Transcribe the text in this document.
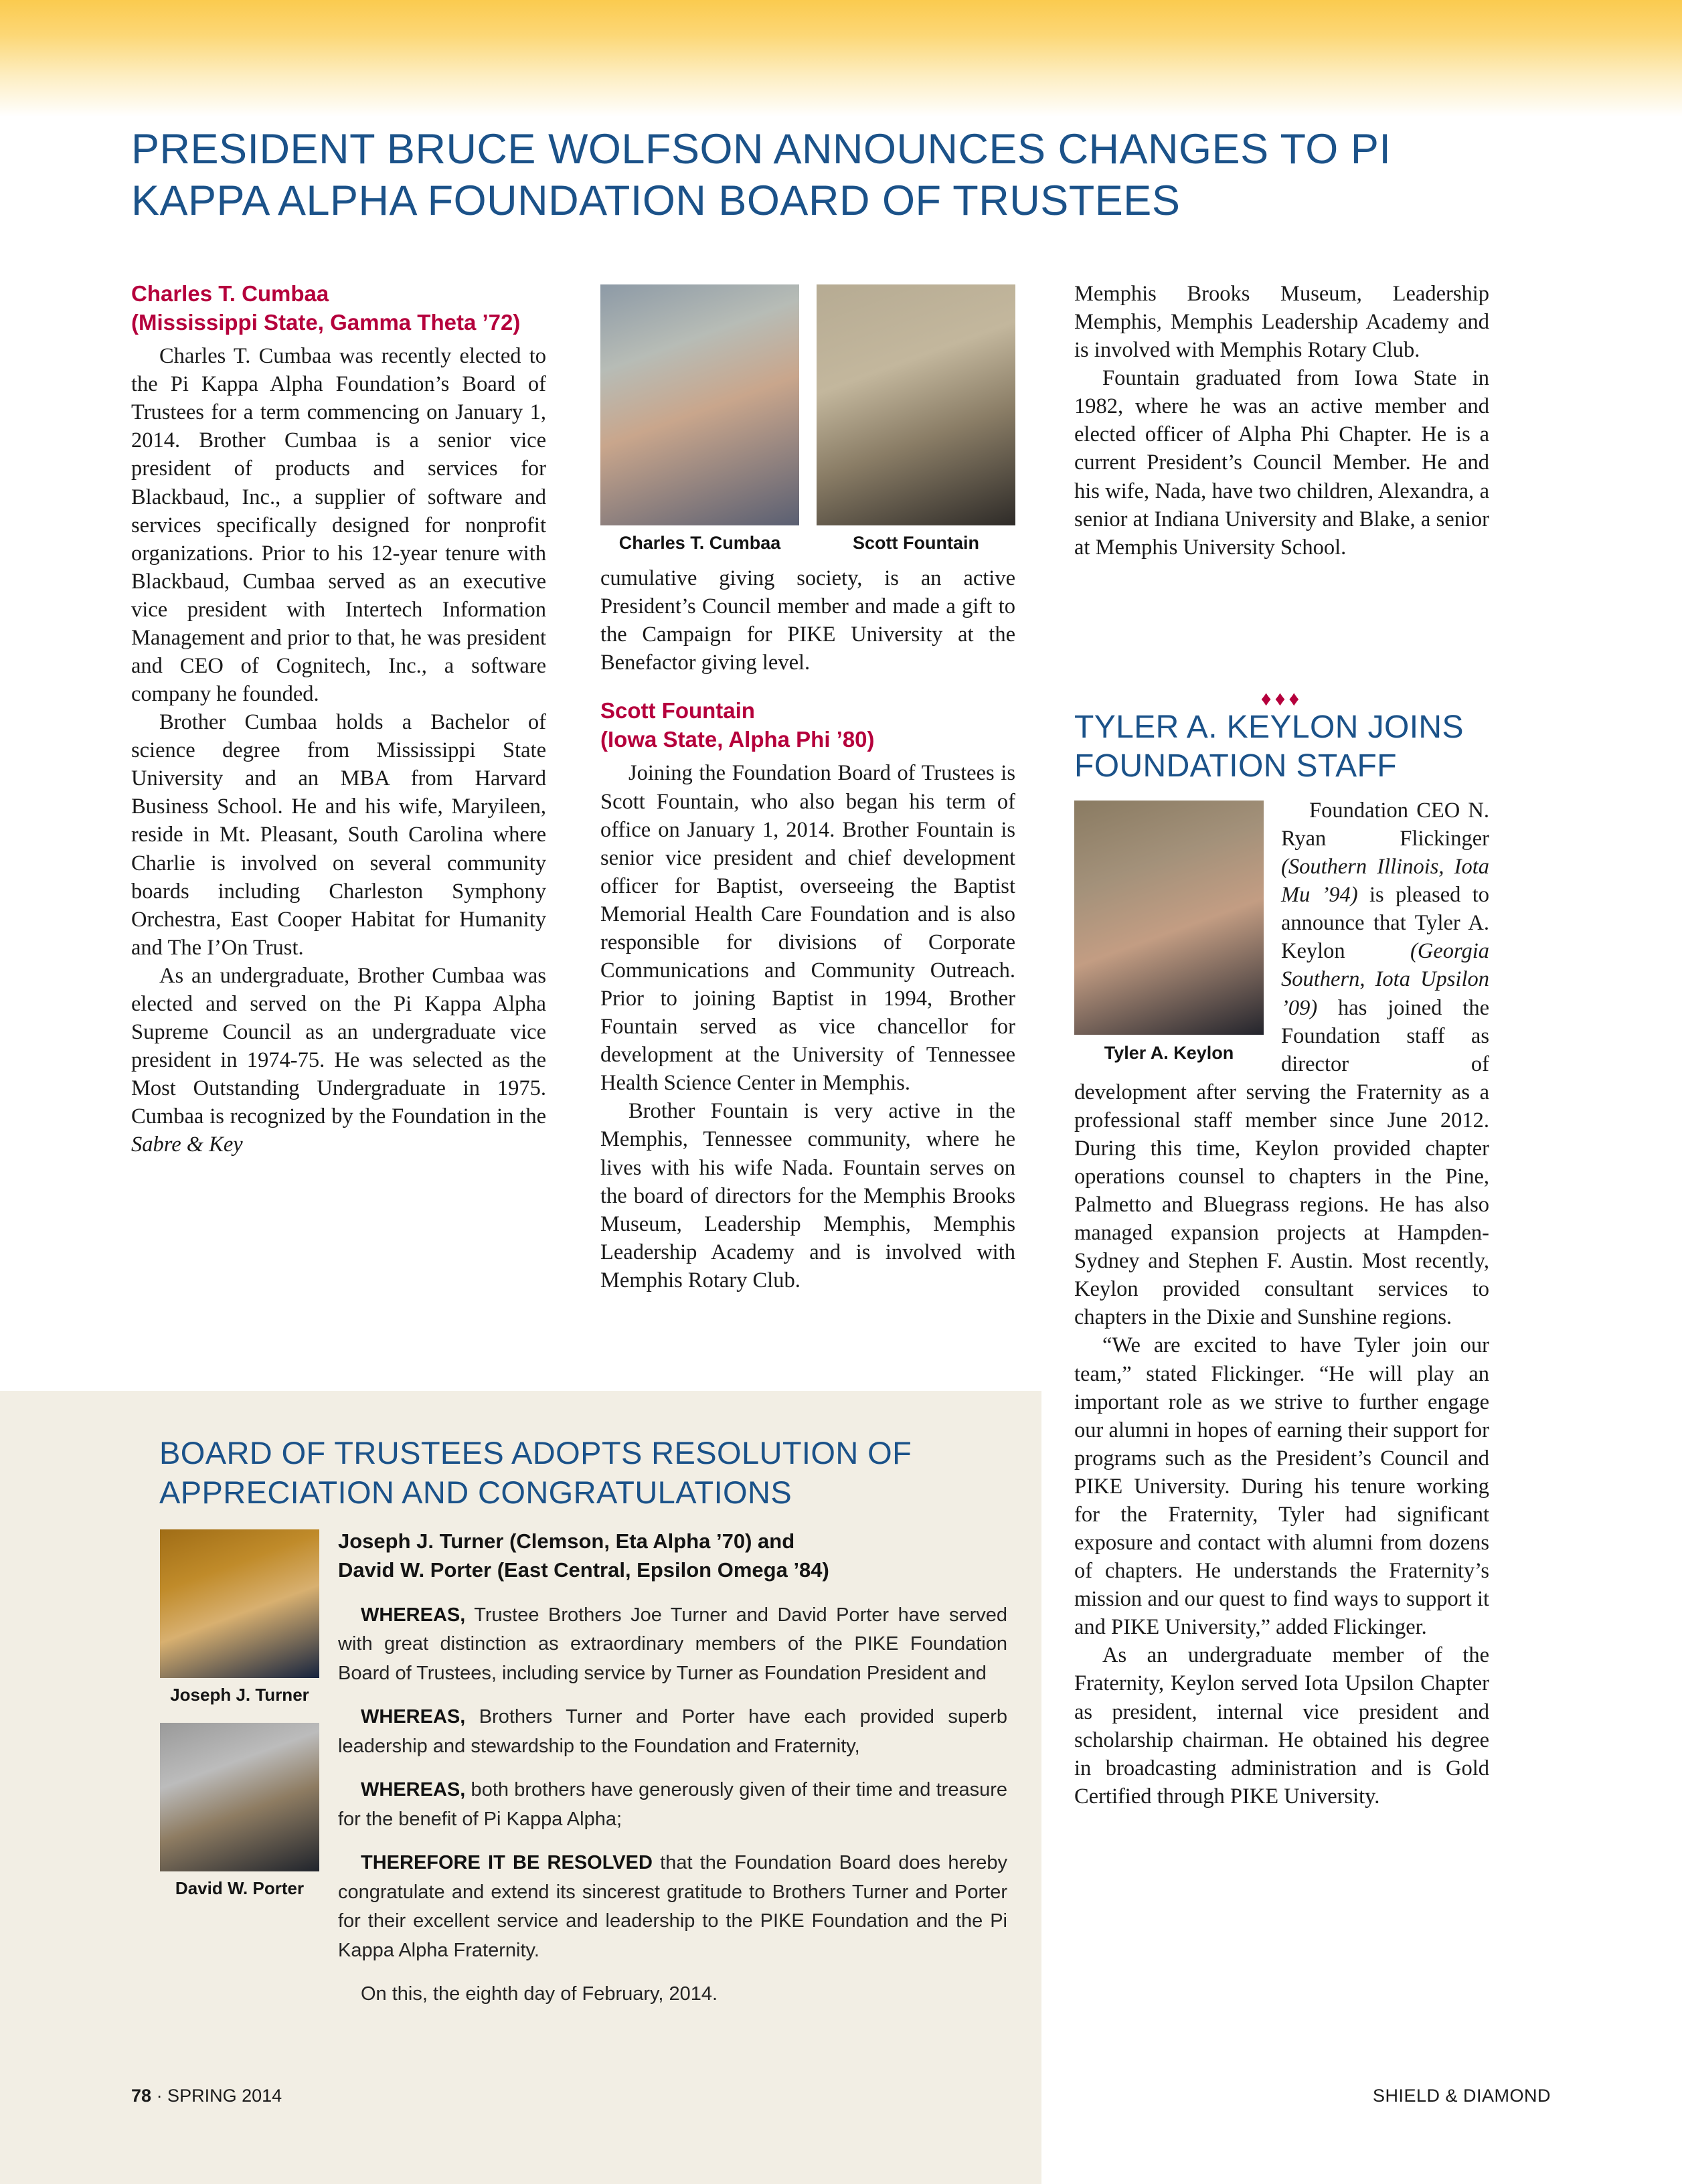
PRESIDENT BRUCE WOLFSON ANNOUNCES CHANGES TO PI KAPPA ALPHA FOUNDATION BOARD OF TRUSTEES
Charles T. Cumbaa	Scott Fountain

Charles T. Cumbaa
(Mississippi State, Gamma Theta ’72)

Charles T. Cumbaa was recently elected to the Pi Kappa Alpha Foundation’s Board of Trustees for a term commencing on January 1, 2014. Brother Cumbaa is a senior vice president of products and services for Blackbaud, Inc., a supplier of software and services specifically designed for nonprofit organizations. Prior to his 12-year tenure with Blackbaud, Cumbaa served as an executive vice president with Intertech Information Management and prior to that, he was president and CEO of Cognitech, Inc., a software company he founded.

Brother Cumbaa holds a Bachelor of science degree from Mississippi State University and an MBA from Harvard Business School. He and his wife, Maryileen, reside in Mt. Pleasant, South Carolina where Charlie is involved on several community boards including Charleston Symphony Orchestra, East Cooper Habitat for Humanity and The I’On Trust.

As an undergraduate, Brother Cumbaa was elected and served on the Pi Kappa Alpha Supreme Council as an undergraduate vice president in 1974-75. He was selected as the Most Outstanding Undergraduate in 1975. Cumbaa is recognized by the Foundation in the Sabre & Key

cumulative giving society, is an active President’s Council member and made a gift to the Campaign for PIKE University at the Benefactor giving level.

Scott Fountain
(Iowa State, Alpha Phi ’80)

Joining the Foundation Board of Trustees is Scott Fountain, who also began his term of office on January 1, 2014. Brother Fountain is senior vice president and chief development officer for Baptist, overseeing the Baptist Memorial Health Care Foundation and is also responsible for divisions of Corporate Communications and Community Outreach. Prior to joining Baptist in 1994, Brother Fountain served as vice chancellor for development at the University of Tennessee Health Science Center in Memphis.

Brother Fountain is very active in the Memphis, Tennessee community, where he lives with his wife Nada. Fountain serves on the board of directors for the Memphis Brooks Museum, Leadership Memphis, Memphis Leadership Academy and is involved with Memphis Rotary Club.

Memphis Brooks Museum, Leadership Memphis, Memphis Leadership Academy and is involved with Memphis Rotary Club.

Fountain graduated from Iowa State in 1982, where he was an active member and elected officer of Alpha Phi Chapter. He is a current President’s Council Member. He and his wife, Nada, have two children, Alexandra, a senior at Indiana University and Blake, a senior at Memphis University School.

♦♦♦
TYLER A. KEYLON JOINS FOUNDATION STAFF
Tyler A. Keylon

Foundation CEO N. Ryan Flickinger (Southern Illinois, Iota Mu ’94) is pleased to announce that Tyler A. Keylon (Georgia Southern, Iota Upsilon ’09) has joined the Foundation staff as director of development after serving the Fraternity as a professional staff member since June 2012. During this time, Keylon provided chapter operations counsel to chapters in the Pine, Palmetto and Bluegrass regions. He has also managed expansion projects at Hampden-Sydney and Stephen F. Austin. Most recently, Keylon provided consultant services to chapters in the Dixie and Sunshine regions.

“We are excited to have Tyler join our team,” stated Flickinger. “He will play an important role as we strive to further engage our alumni in hopes of earning their support for programs such as the President’s Council and PIKE University. During his tenure working for the Fraternity, Tyler had significant exposure and contact with alumni from dozens of chapters. He understands the Fraternity’s mission and our quest to find ways to support it and PIKE University,” added Flickinger.

As an undergraduate member of the Fraternity, Keylon served Iota Upsilon Chapter as president, internal vice president and scholarship chairman. He obtained his degree in broadcasting administration and is Gold Certified through PIKE University.

BOARD OF TRUSTEES ADOPTS RESOLUTION OF APPRECIATION AND CONGRATULATIONS
Joseph J. Turner
David W. Porter
Joseph J. Turner (Clemson, Eta Alpha ’70) and
David W. Porter (East Central, Epsilon Omega ’84)

WHEREAS, Trustee Brothers Joe Turner and David Porter have served with great distinction as extraordinary members of the PIKE Foundation Board of Trustees, including service by Turner as Foundation President and

WHEREAS, Brothers Turner and Porter have each provided superb leadership and stewardship to the Foundation and Fraternity,

WHEREAS, both brothers have generously given of their time and treasure for the benefit of Pi Kappa Alpha;

THEREFORE IT BE RESOLVED that the Foundation Board does hereby congratulate and extend its sincerest gratitude to Brothers Turner and Porter for their excellent service and leadership to the PIKE Foundation and the Pi Kappa Alpha Fraternity.

On this, the eighth day of February, 2014.

78 · SPRING 2014	SHIELD & DIAMOND
